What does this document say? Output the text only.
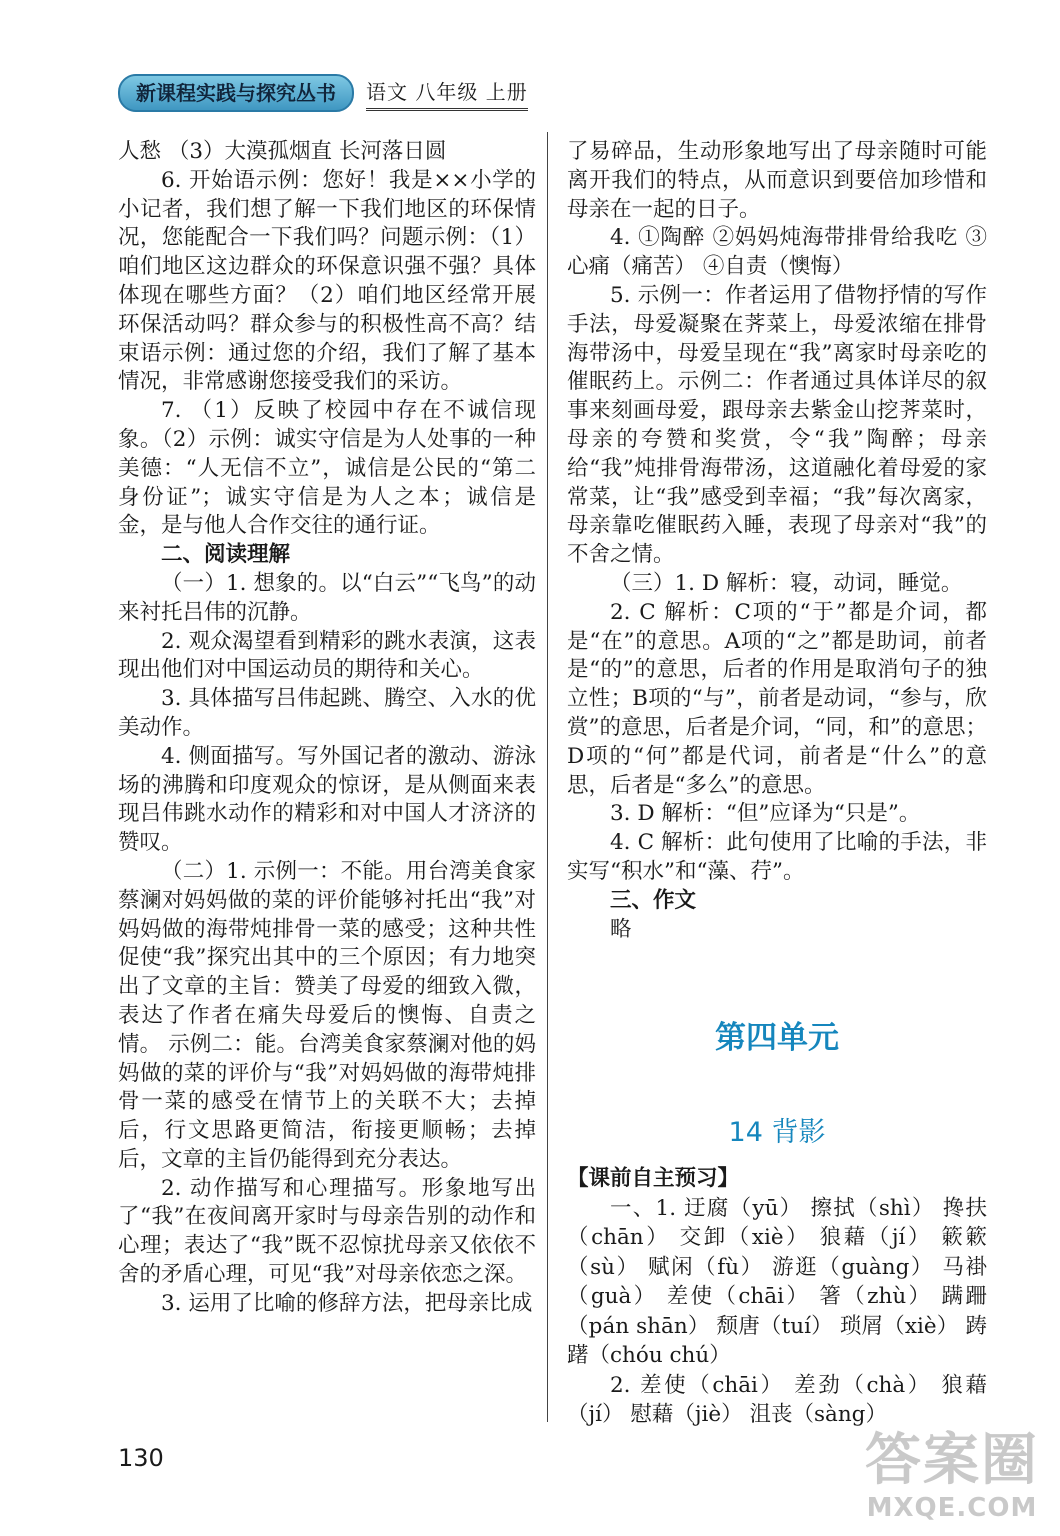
新课程实践与探究丛书	语文 八年级 上册

人愁 （3）大漠孤烟直 长河落日圆

6. 开始语示例：您好！我是××小学的小记者，我们想了解一下我们地区的环保情况，您能配合一下我们吗？问题示例：（1）咱们地区这边群众的环保意识强不强？具体体现在哪些方面？（2）咱们地区经常开展环保活动吗？群众参与的积极性高不高？结束语示例：通过您的介绍，我们了解了基本情况，非常感谢您接受我们的采访。

7. （1）反映了校园中存在不诚信现象。（2）示例：诚实守信是为人处事的一种美德：“人无信不立”，诚信是公民的“第二身份证”；诚实守信是为人之本；诚信是金，是与他人合作交往的通行证。

二、阅读理解

（一）1. 想象的。以“白云”“飞鸟”的动来衬托吕伟的沉静。

2. 观众渴望看到精彩的跳水表演，这表现出他们对中国运动员的期待和关心。

3. 具体描写吕伟起跳、腾空、入水的优美动作。

4. 侧面描写。写外国记者的激动、游泳场的沸腾和印度观众的惊讶，是从侧面来表现吕伟跳水动作的精彩和对中国人才济济的赞叹。

（二）1. 示例一：不能。用台湾美食家蔡澜对妈妈做的菜的评价能够衬托出“我”对妈妈做的海带炖排骨一菜的感受；这种共性促使“我”探究出其中的三个原因；有力地突出了文章的主旨：赞美了母爱的细致入微，表达了作者在痛失母爱后的懊悔、自责之情。 示例二：能。台湾美食家蔡澜对他的妈妈做的菜的评价与“我”对妈妈做的海带炖排骨一菜的感受在情节上的关联不大；去掉后，行文思路更简洁，衔接更顺畅；去掉后，文章的主旨仍能得到充分表达。

2. 动作描写和心理描写。形象地写出了“我”在夜间离开家时与母亲告别的动作和心理；表达了“我”既不忍惊扰母亲又依依不舍的矛盾心理，可见“我”对母亲依恋之深。

3. 运用了比喻的修辞方法，把母亲比成

了易碎品，生动形象地写出了母亲随时可能离开我们的特点，从而意识到要倍加珍惜和母亲在一起的日子。

4. ①陶醉 ②妈妈炖海带排骨给我吃 ③心痛（痛苦） ④自责（懊悔）

5. 示例一：作者运用了借物抒情的写作手法，母爱凝聚在荠菜上，母爱浓缩在排骨海带汤中，母爱呈现在“我”离家时母亲吃的催眠药上。示例二：作者通过具体详尽的叙事来刻画母爱，跟母亲去紫金山挖荠菜时，母亲的夸赞和奖赏，令“我”陶醉；母亲给“我”炖排骨海带汤，这道融化着母爱的家常菜，让“我”感受到幸福；“我”每次离家，母亲靠吃催眠药入睡，表现了母亲对“我”的不舍之情。

（三）1. D 解析：寝，动词，睡觉。

2. C 解析：C项的“于”都是介词，都是“在”的意思。A项的“之”都是助词，前者是“的”的意思，后者的作用是取消句子的独立性；B项的“与”，前者是动词，“参与，欣赏”的意思，后者是介词，“同，和”的意思；D项的“何”都是代词，前者是“什么”的意思，后者是“多么”的意思。

3. D 解析：“但”应译为“只是”。

4. C 解析：此句使用了比喻的手法，非实写“积水”和“藻、荇”。

三、作文

略

第四单元
14 背影

【课前自主预习】

一、1. 迂腐（yū） 擦拭（shì） 搀扶（chān） 交卸（xiè） 狼藉（jí） 簌簌（sù） 赋闲（fù） 游逛（guàng） 马褂（guà） 差使（chāi） 箸（zhù） 蹒跚（pán shān） 颓唐（tuí） 琐屑（xiè） 踌躇（chóu chú）

2. 差使（chāi） 差劲（chà） 狼藉（jí） 慰藉（jiè） 沮丧（sàng）

130	答案圈
MXQE.COM
